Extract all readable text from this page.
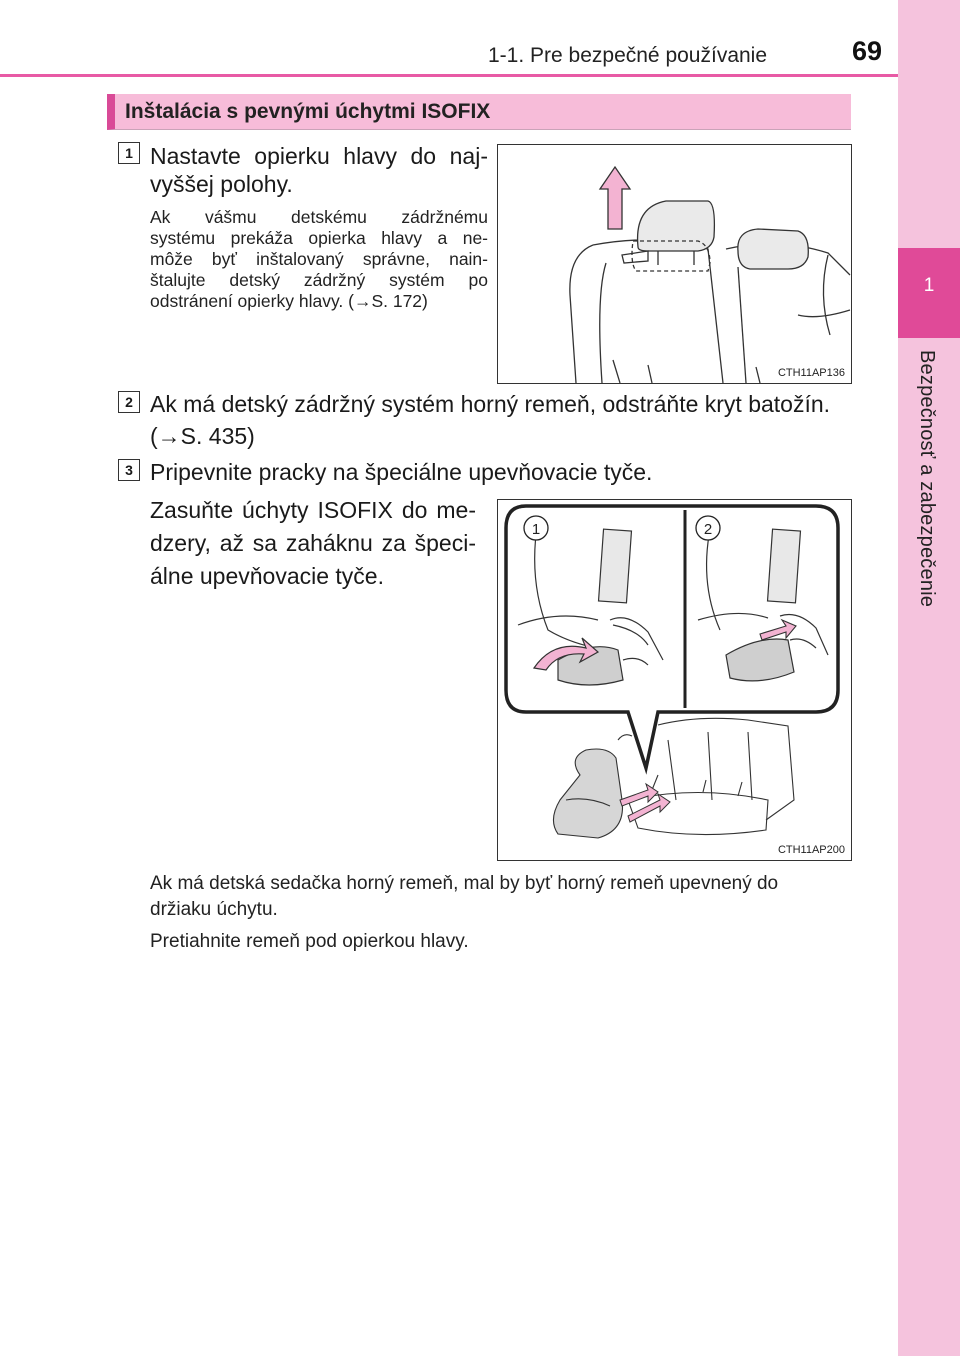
1-1. Pre bezpečné používanie	69
1
Bezpečnosť a zabezpečenie
Inštalácia s pevnými úchytmi ISOFIX
1 Nastavte opierku hlavy do naj-
vyššej polohy.
Ak vášmu detskému zádržnému
systému prekáža opierka hlavy a ne-
môže byť inštalovaný správne, nain-
štalujte detský zádržný systém po
odstránení opierky hlavy. (→S. 172)
CTH11AP136
2 Ak má detský zádržný systém horný remeň, odstráňte kryt batožín.
(→S. 435)
3 Pripevnite pracky na špeciálne upevňovacie tyče.
Zasuňte úchyty ISOFIX do me-
dzery, až sa zaháknu za špeci-
álne upevňovacie tyče.
1	2
CTH11AP200
Ak má detská sedačka horný remeň, mal by byť horný remeň upevnený do
držiaku úchytu.
Pretiahnite remeň pod opierkou hlavy.
